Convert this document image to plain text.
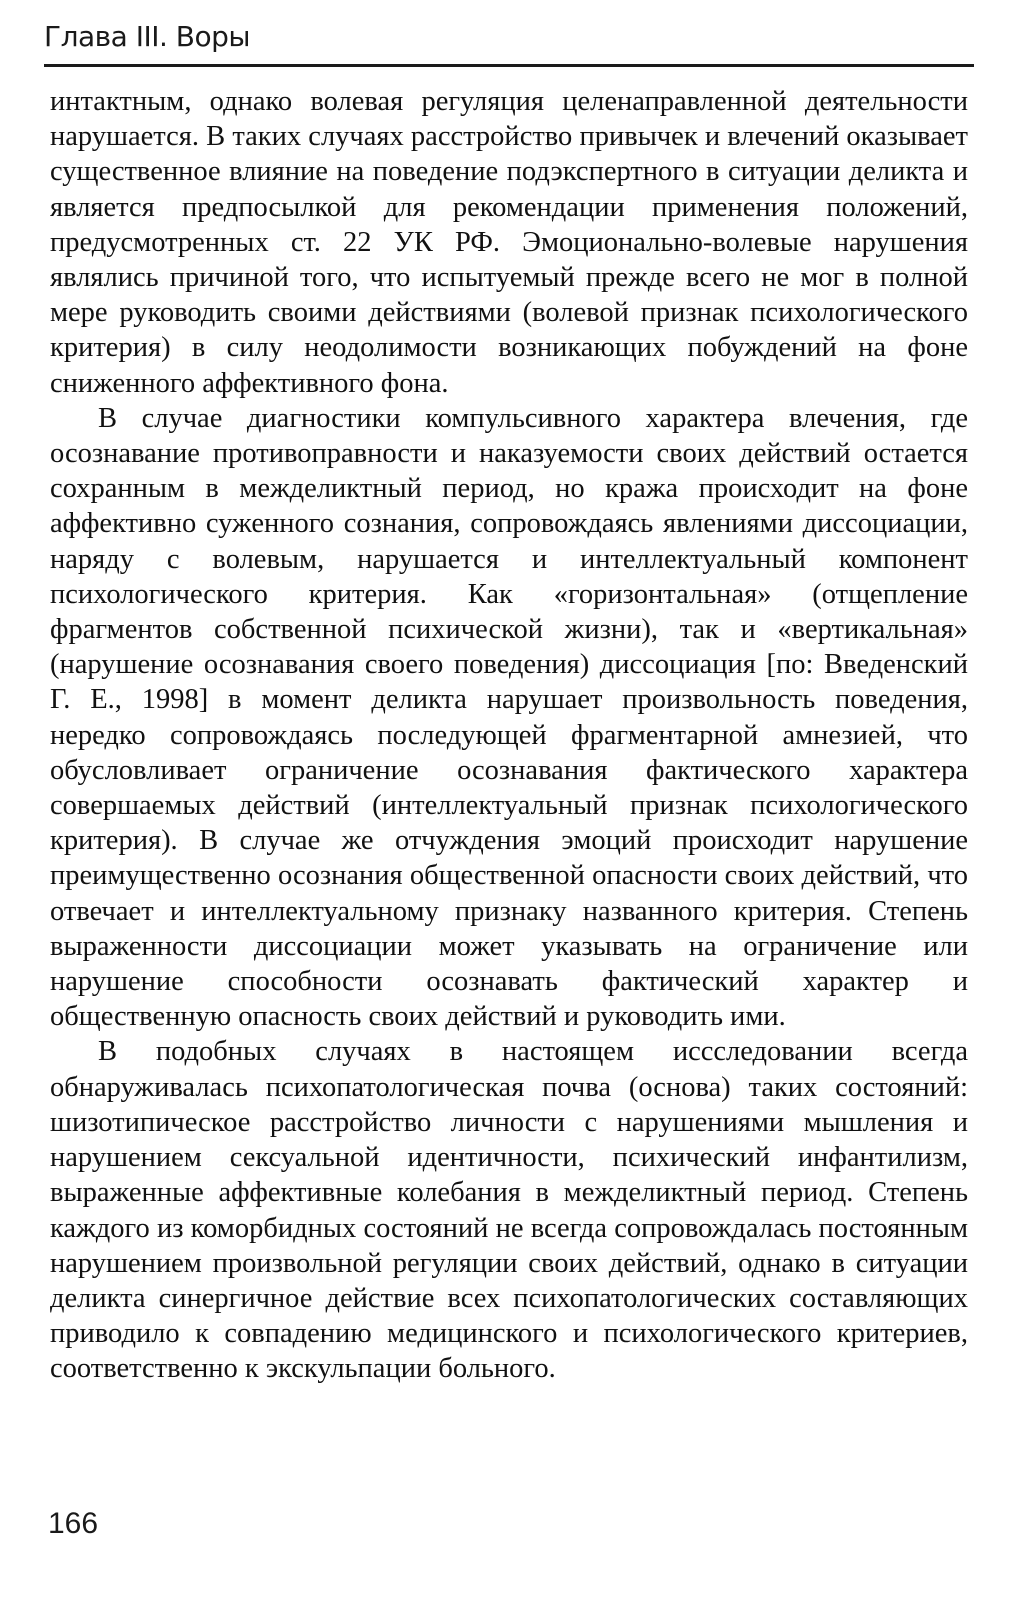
Глава III. Воры

интактным, однако волевая регуляция целенаправленной деятельности нарушается. В таких случаях расстройство привычек и влечений оказывает существенное влияние на поведение подэкспертного в ситуации деликта и является предпосылкой для рекомендации применения положений, предусмотренных ст. 22 УК РФ. Эмоционально-волевые нарушения являлись причиной того, что испытуемый прежде всего не мог в полной мере руководить своими действиями (волевой признак психологического критерия) в силу неодолимости возникающих побуждений на фоне сниженного аффективного фона.

В случае диагностики компульсивного характера влечения, где осознавание противоправности и наказуемости своих действий остается сохранным в межделиктный период, но кража происходит на фоне аффективно суженного сознания, сопровождаясь явлениями диссоциации, наряду с волевым, нарушается и интеллектуальный компонент психологического критерия. Как «горизонтальная» (отщепление фрагментов собственной психической жизни), так и «вертикальная» (нарушение осознавания своего поведения) диссоциация [по: Введенский Г. Е., 1998] в момент деликта нарушает произвольность поведения, нередко сопровождаясь последующей фрагментарной амнезией, что обусловливает ограничение осознавания фактического характера совершаемых действий (интеллектуальный признак психологического критерия). В случае же отчуждения эмоций происходит нарушение преимущественно осознания общественной опасности своих действий, что отвечает и интеллектуальному признаку названного критерия. Степень выраженности диссоциации может указывать на ограничение или нарушение способности осознавать фактический характер и общественную опасность своих действий и руководить ими.

В подобных случаях в настоящем иссследовании всегда обнаруживалась психопатологическая почва (основа) таких состояний: шизотипическое расстройство личности с нарушениями мышления и нарушением сексуальной идентичности, психический инфантилизм, выраженные аффективные колебания в межделиктный период. Степень каждого из коморбидных состояний не всегда сопровождалась постоянным нарушением произвольной регуляции своих действий, однако в ситуации деликта синергичное действие всех психопатологических составляющих приводило к совпадению медицинского и психологического критериев, соответственно к экскульпации больного.

166
